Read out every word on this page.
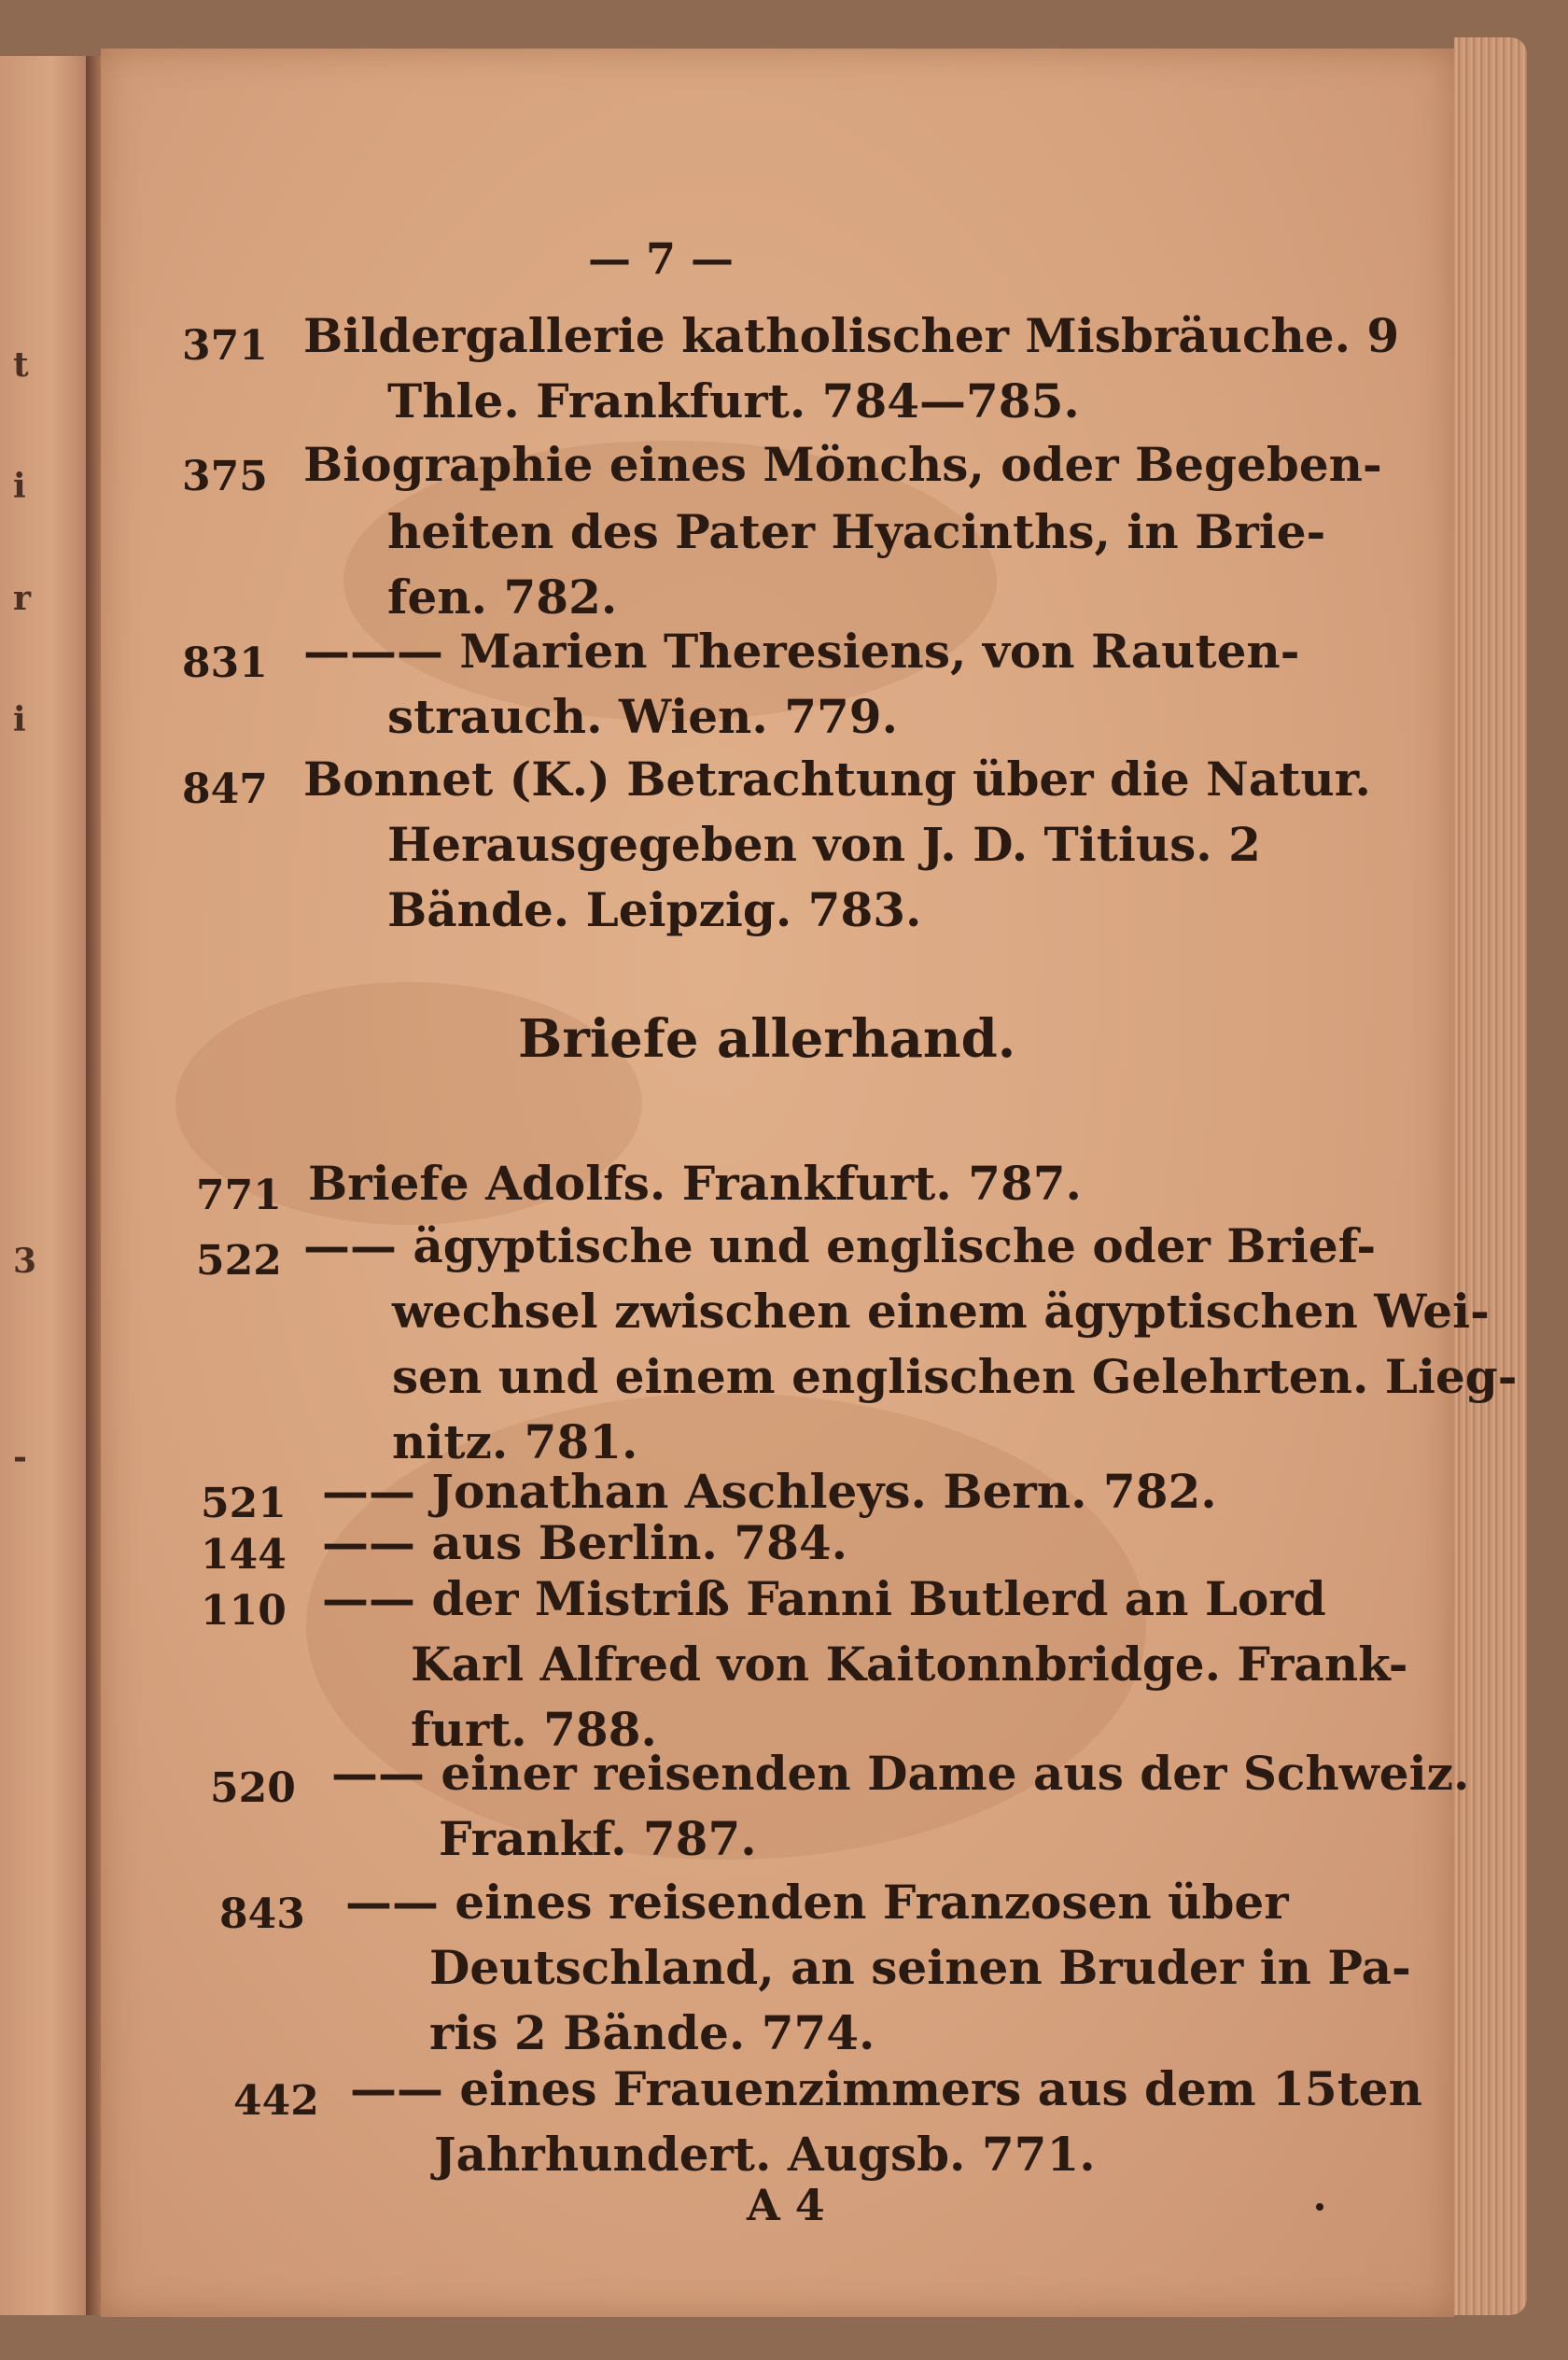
t
i
r
i
3
-
— 7 —
371 Bildergallerie katholischer Misbräuche. 9
Thle. Frankfurt. 784—785.
375 Biographie eines Mönchs, oder Begeben-
heiten des Pater Hyacinths, in Brie-
fen. 782.
831 ——— Marien Theresiens, von Rauten-
strauch. Wien. 779.
847 Bonnet (K.) Betrachtung über die Natur.
Herausgegeben von J. D. Titius. 2
Bände. Leipzig. 783.
Briefe allerhand.
771 Briefe Adolfs. Frankfurt. 787.
522 —— ägyptische und englische oder Brief-
wechsel zwischen einem ägyptischen Wei-
sen und einem englischen Gelehrten. Lieg-
nitz. 781.
521 —— Jonathan Aschleys. Bern. 782.
144 —— aus Berlin. 784.
110 —— der Mistriß Fanni Butlerd an Lord
Karl Alfred von Kaitonnbridge. Frank-
furt. 788.
520 —— einer reisenden Dame aus der Schweiz.
Frankf. 787.
843 —— eines reisenden Franzosen über
Deutschland, an seinen Bruder in Pa-
ris 2 Bände. 774.
442 —— eines Frauenzimmers aus dem 15ten
Jahrhundert. Augsb. 771.
A 4
